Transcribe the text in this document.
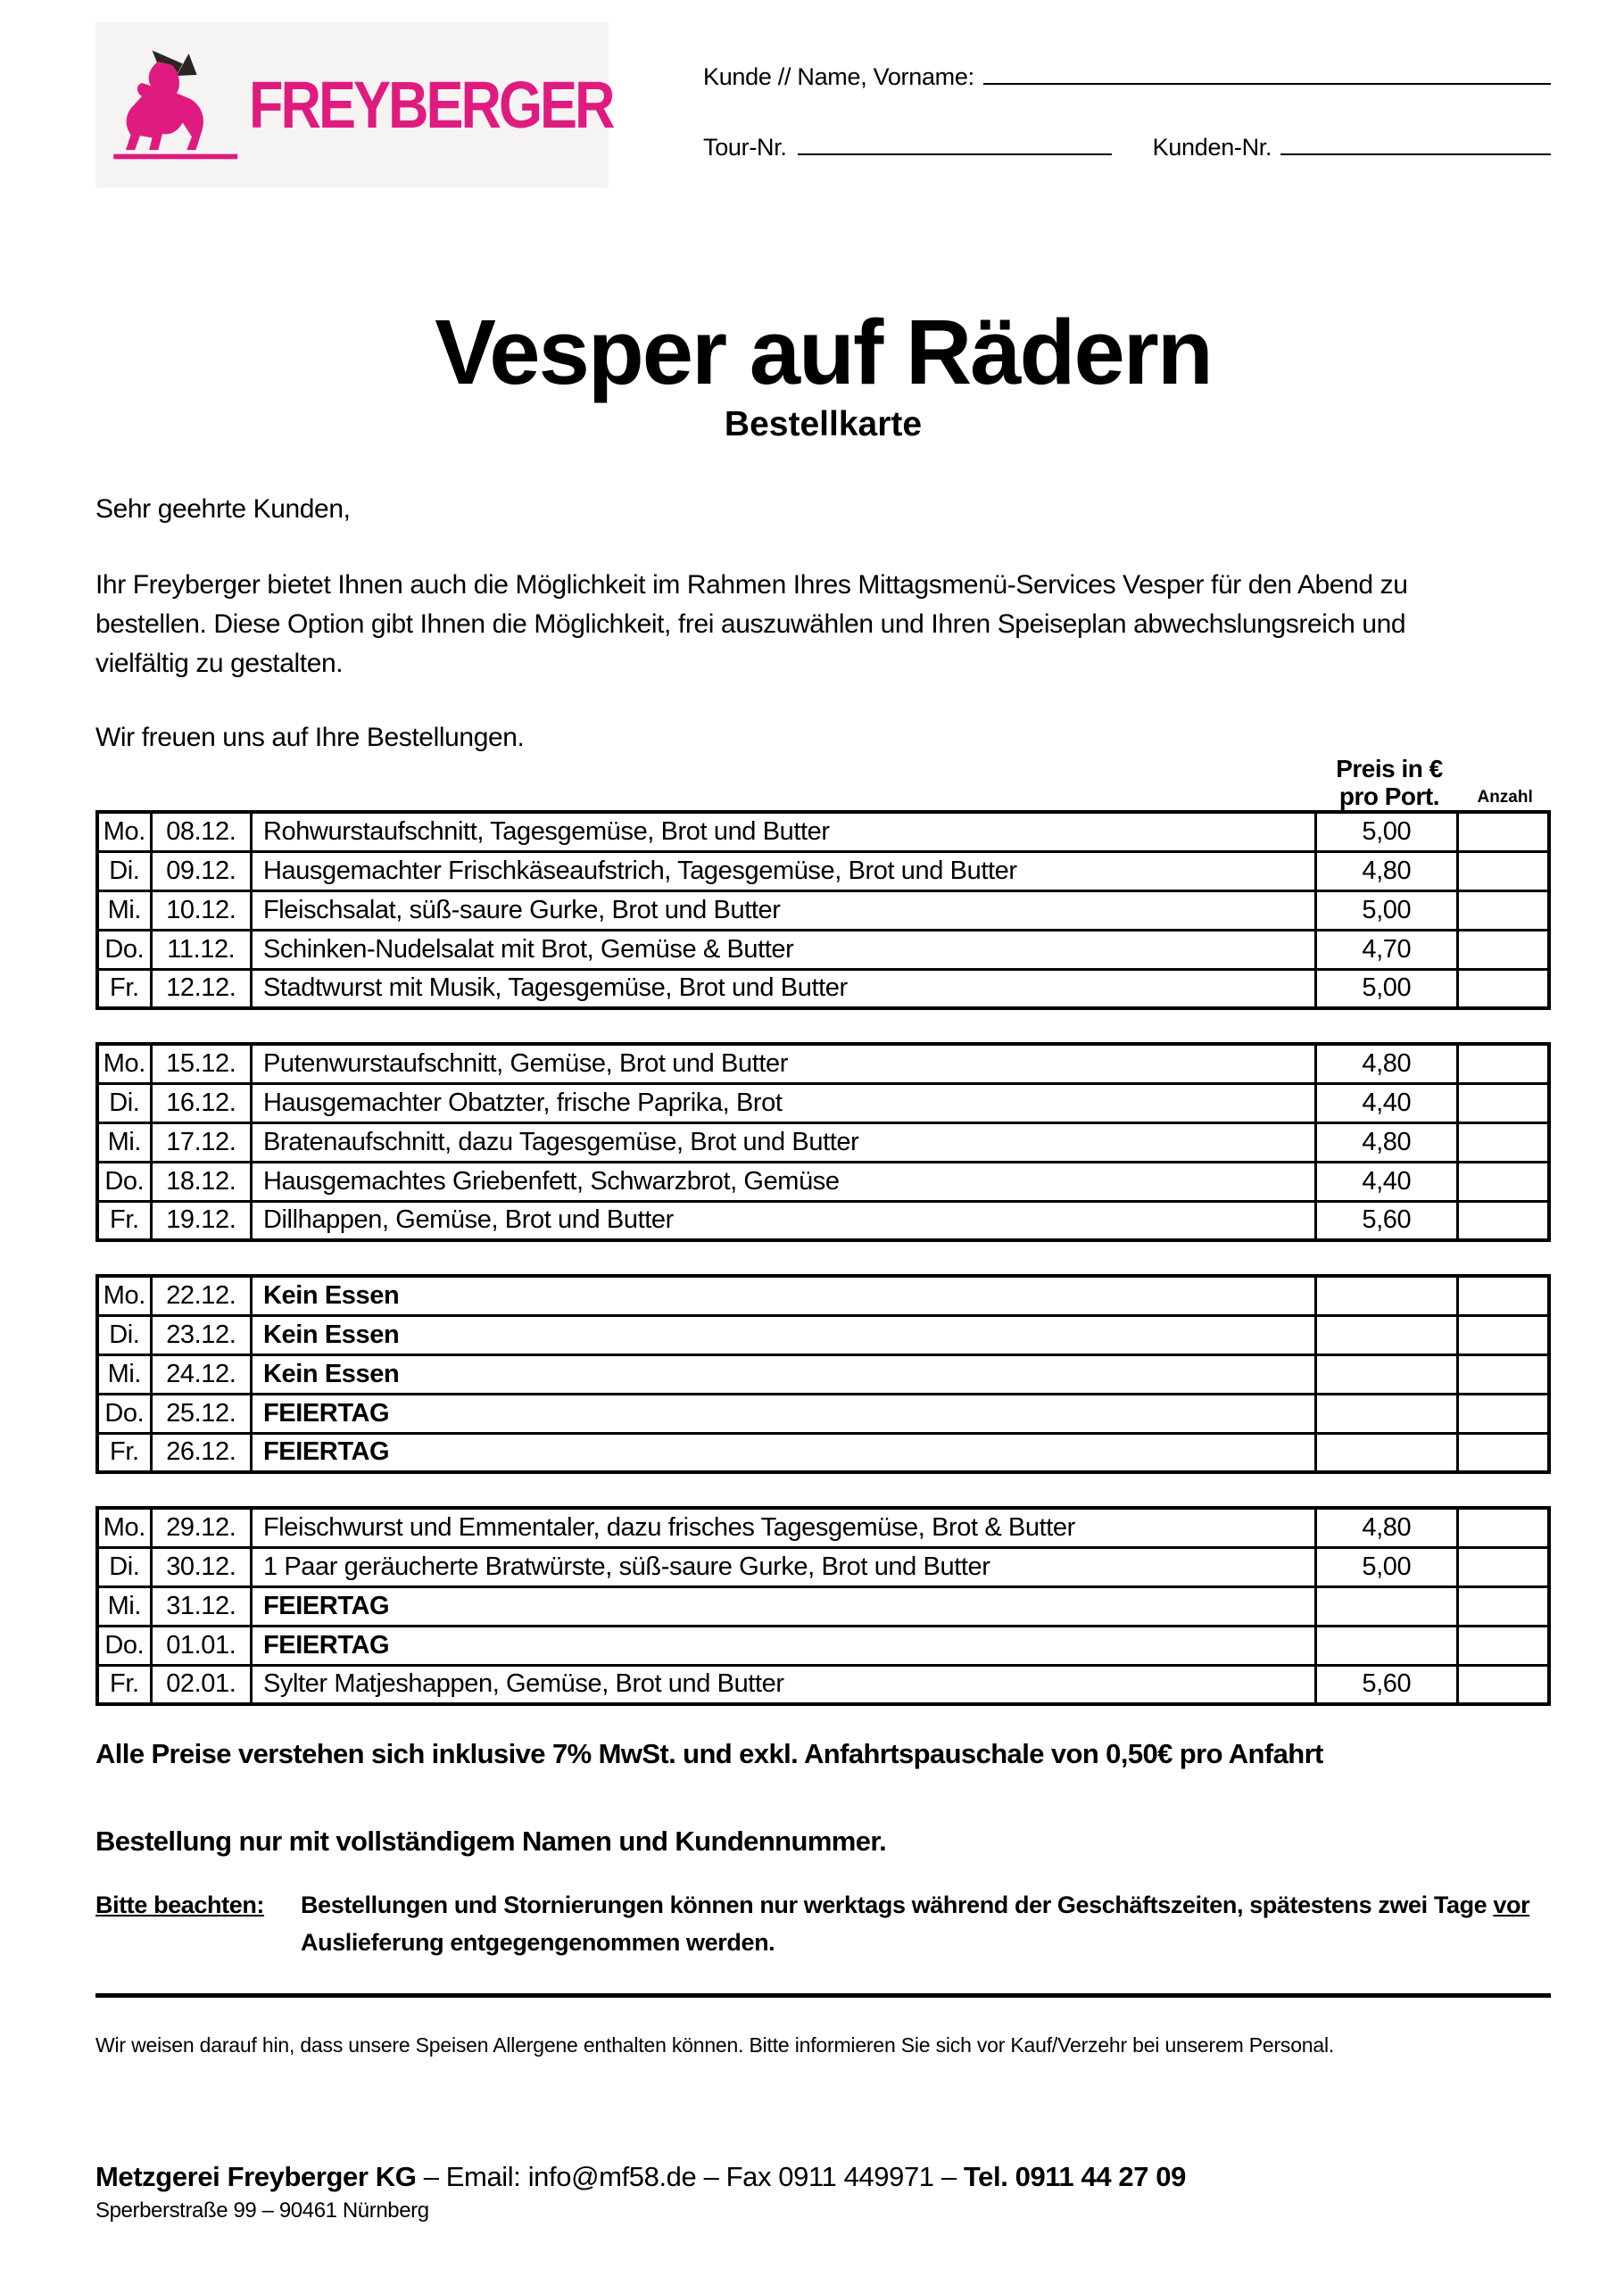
FREYBERGER	Kunde // Name, Vorname:
Tour-Nr.	Kunden-Nr.
Vesper auf Rädern
Bestellkarte

Sehr geehrte Kunden,

Ihr Freyberger bietet Ihnen auch die Möglichkeit im Rahmen Ihres Mittagsmenü-Services Vesper für den Abend zu bestellen. Diese Option gibt Ihnen die Möglichkeit, frei auszuwählen und Ihren Speiseplan abwechslungsreich und vielfältig zu gestalten.

Wir freuen uns auf Ihre Bestellungen.

Preis in €
pro Port.	Anzahl
Mo.	08.12.	Rohwurstaufschnitt, Tagesgemüse, Brot und Butter	5,00	
Di.	09.12.	Hausgemachter Frischkäseaufstrich, Tagesgemüse, Brot und Butter	4,80	
Mi.	10.12.	Fleischsalat, süß-saure Gurke, Brot und Butter	5,00	
Do.	11.12.	Schinken-Nudelsalat mit Brot, Gemüse & Butter	4,70	
Fr.	12.12.	Stadtwurst mit Musik, Tagesgemüse, Brot und Butter	5,00	
Mo.	15.12.	Putenwurstaufschnitt, Gemüse, Brot und Butter	4,80	
Di.	16.12.	Hausgemachter Obatzter, frische Paprika, Brot	4,40	
Mi.	17.12.	Bratenaufschnitt, dazu Tagesgemüse, Brot und Butter	4,80	
Do.	18.12.	Hausgemachtes Griebenfett, Schwarzbrot, Gemüse	4,40	
Fr.	19.12.	Dillhappen, Gemüse, Brot und Butter	5,60	
Mo.	22.12.	Kein Essen		
Di.	23.12.	Kein Essen		
Mi.	24.12.	Kein Essen		
Do.	25.12.	FEIERTAG		
Fr.	26.12.	FEIERTAG		
Mo.	29.12.	Fleischwurst und Emmentaler, dazu frisches Tagesgemüse, Brot & Butter	4,80	
Di.	30.12.	1 Paar geräucherte Bratwürste, süß-saure Gurke, Brot und Butter	5,00	
Mi.	31.12.	FEIERTAG		
Do.	01.01.	FEIERTAG		
Fr.	02.01.	Sylter Matjeshappen, Gemüse, Brot und Butter	5,60	

Alle Preise verstehen sich inklusive 7% MwSt. und exkl. Anfahrtspauschale von 0,50€ pro Anfahrt

Bestellung nur mit vollständigem Namen und Kundennummer.

Bitte beachten:	Bestellungen und Stornierungen können nur werktags während der Geschäftszeiten, spätestens zwei Tage vor Auslieferung entgegengenommen werden.

Wir weisen darauf hin, dass unsere Speisen Allergene enthalten können. Bitte informieren Sie sich vor Kauf/Verzehr bei unserem Personal.

Metzgerei Freyberger KG – Email: info@mf58.de – Fax 0911 449971 – Tel. 0911 44 27 09
Sperberstraße 99 – 90461 Nürnberg
